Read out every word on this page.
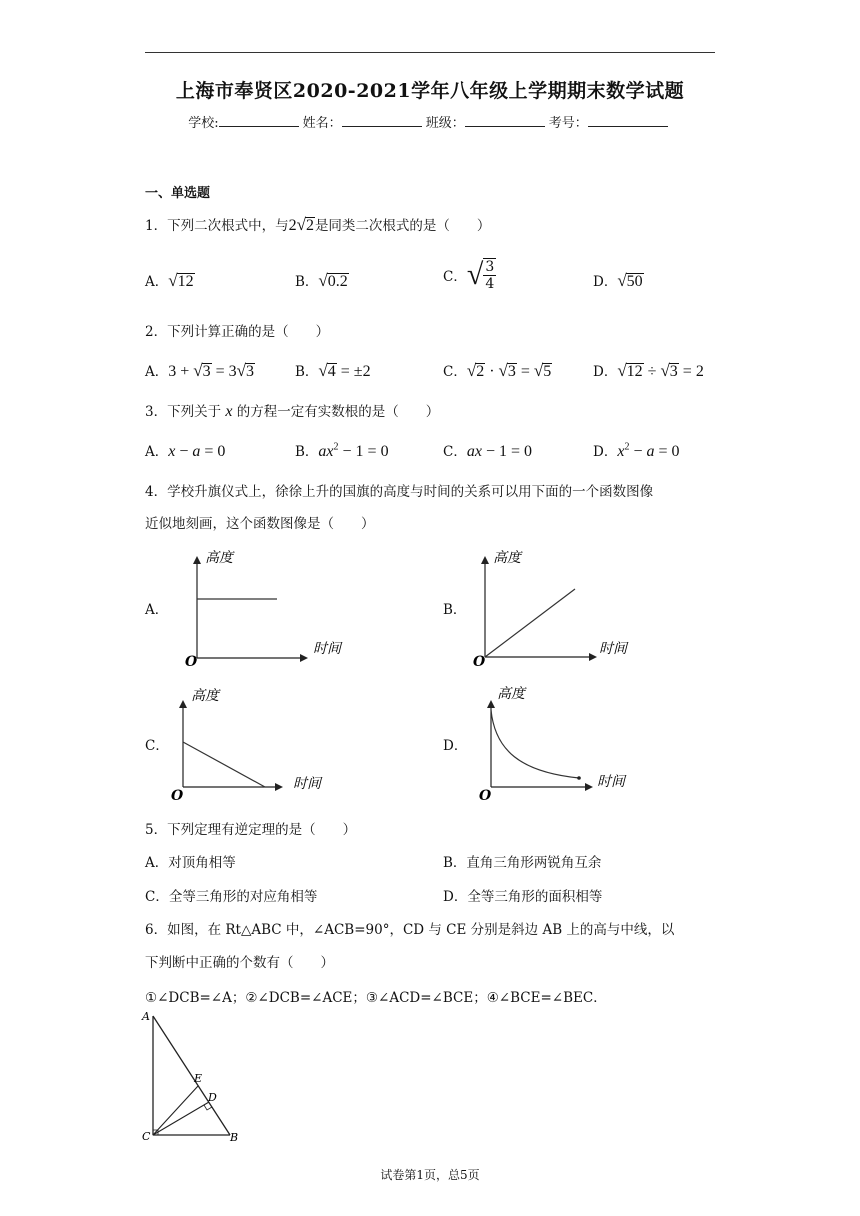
上海市奉贤区2020-2021学年八年级上学期期末数学试题
学校:	姓名：	班级：	考号：
一、单选题
1．下列二次根式中，与2√2是同类二次根式的是（　　）
A．√12	B．√0.2	C．√ $\frac{3}{4}$	D．√50
2．下列计算正确的是（　　）
A．3 + √3 = 3√3	B．√4 = ±2	C．√2 · √3 = √5	D．√12 ÷ √3 = 2
3．下列关于 x 的方程一定有实数根的是（　　）
A．x − a = 0	B．$ax^2 - 1 = 0$	C．ax − 1 = 0	D．$x^2 - a = 0$
4．学校升旗仪式上，徐徐上升的国旗的高度与时间的关系可以用下面的一个函数图像
近似地刻画，这个函数图像是（　　）
A．
高度
时间
O
B．
高度
时间
O
C．
高度
时间
O
D．
高度
时间
O
5．下列定理有逆定理的是（　　）
A．对顶角相等	B．直角三角形两锐角互余
C．全等三角形的对应角相等	D．全等三角形的面积相等
6．如图，在 Rt△ABC 中，∠ACB=90°，CD 与 CE 分别是斜边 AB 上的高与中线，以
下判断中正确的个数有（　　）
①∠DCB=∠A；②∠DCB=∠ACE；③∠ACD=∠BCE；④∠BCE=∠BEC．
A
C	B
E
D
试卷第1页，总5页
